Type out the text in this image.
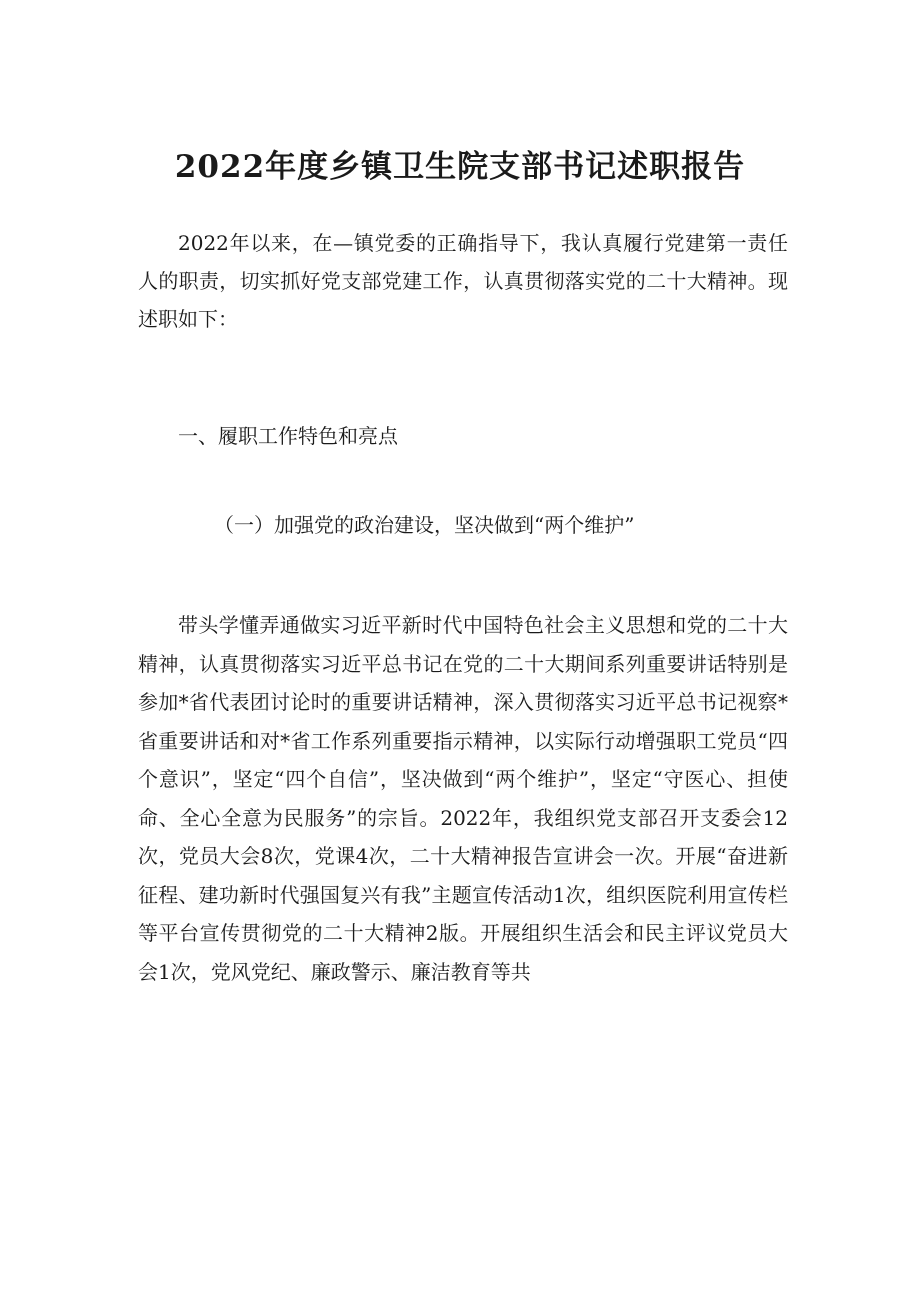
2022年度乡镇卫生院支部书记述职报告

2022年以来，在—镇党委的正确指导下，我认真履行党建第一责任人的职责，切实抓好党支部党建工作，认真贯彻落实党的二十大精神。现述职如下：

一、履职工作特色和亮点

（一）加强党的政治建设，坚决做到“两个维护”

带头学懂弄通做实习近平新时代中国特色社会主义思想和党的二十大精神，认真贯彻落实习近平总书记在党的二十大期间系列重要讲话特别是参加*省代表团讨论时的重要讲话精神，深入贯彻落实习近平总书记视察*省重要讲话和对*省工作系列重要指示精神，以实际行动增强职工党员“四个意识”，坚定“四个自信”，坚决做到“两个维护”，坚定“守医心、担使命、全心全意为民服务”的宗旨。2022年，我组织党支部召开支委会12次，党员大会8次，党课4次，二十大精神报告宣讲会一次。开展“奋进新征程、建功新时代强国复兴有我”主题宣传活动1次，组织医院利用宣传栏等平台宣传贯彻党的二十大精神2版。开展组织生活会和民主评议党员大会1次，党风党纪、廉政警示、廉洁教育等共
